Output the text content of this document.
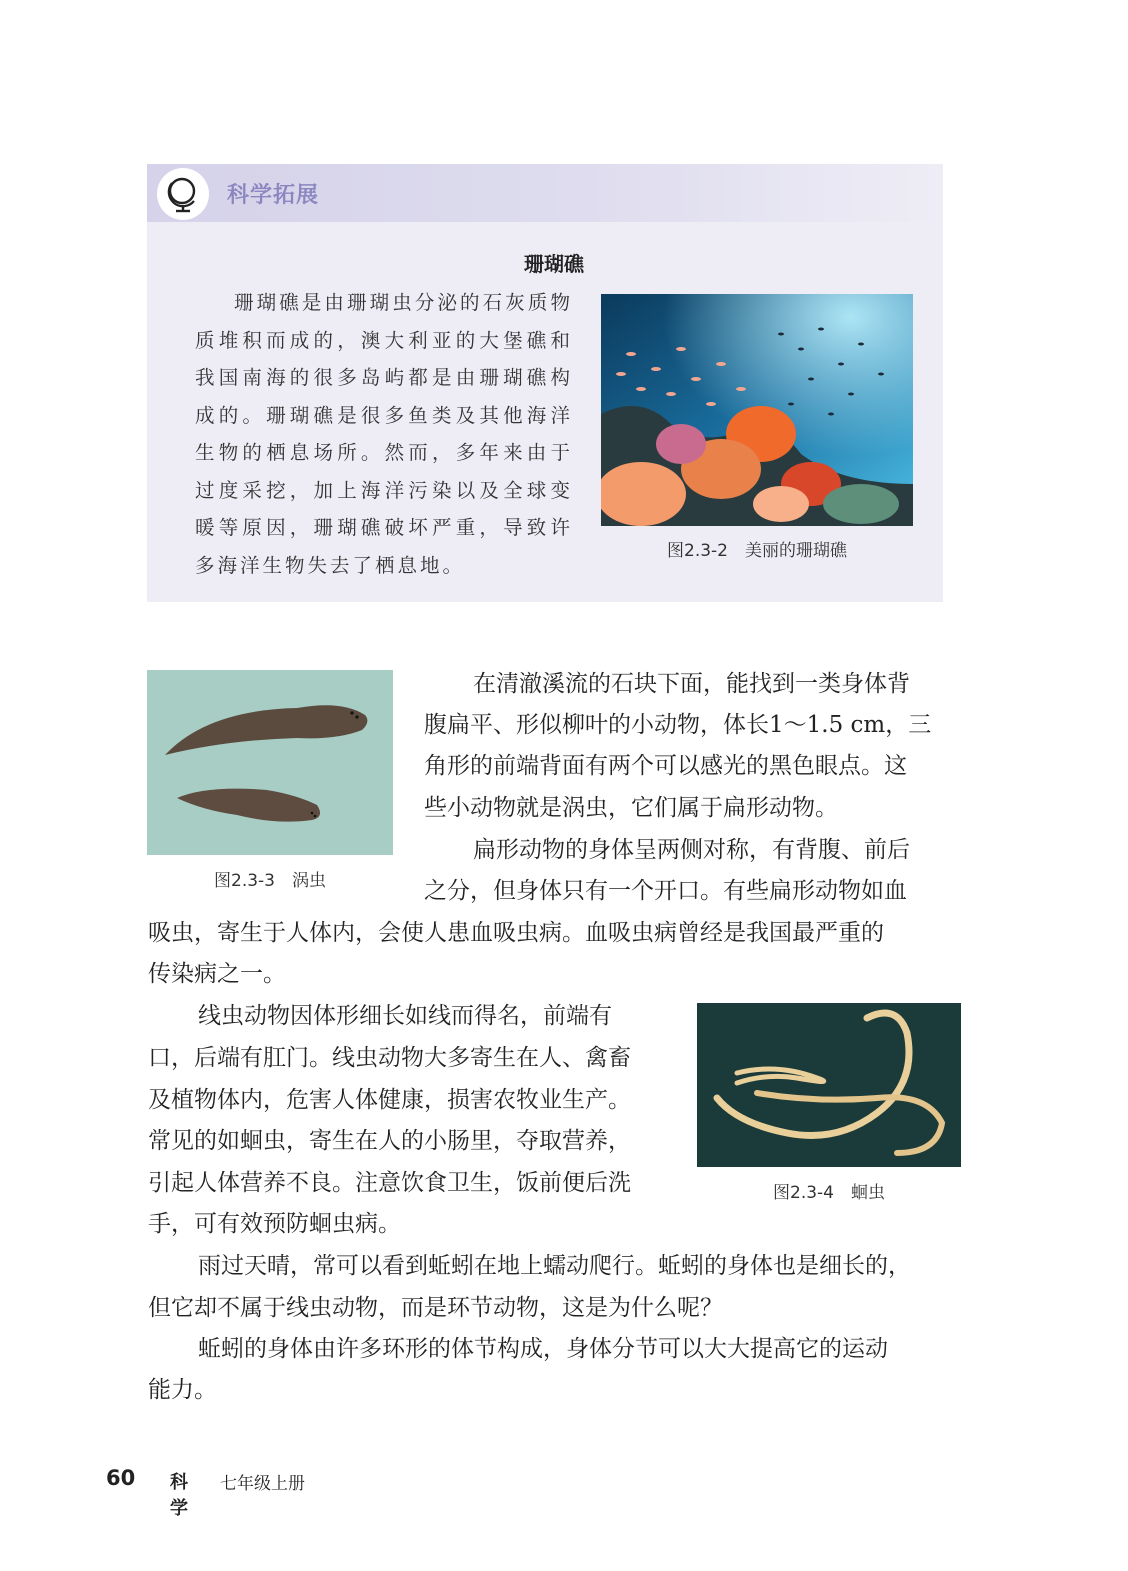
科学拓展
珊瑚礁

珊瑚礁是由珊瑚虫分泌的石灰质物质堆积而成的，澳大利亚的大堡礁和我国南海的很多岛屿都是由珊瑚礁构成的。珊瑚礁是很多鱼类及其他海洋生物的栖息场所。然而，多年来由于过度采挖，加上海洋污染以及全球变暖等原因，珊瑚礁破坏严重，导致许多海洋生物失去了栖息地。

图2.3-2　美丽的珊瑚礁
图2.3-3　涡虫
图2.3-4　蛔虫
在清澈溪流的石块下面，能找到一类身体背
腹扁平、形似柳叶的小动物，体长1～1.5 cm，三
角形的前端背面有两个可以感光的黑色眼点。这
些小动物就是涡虫，它们属于扁形动物。
扁形动物的身体呈两侧对称，有背腹、前后
之分，但身体只有一个开口。有些扁形动物如血
吸虫，寄生于人体内，会使人患血吸虫病。血吸虫病曾经是我国最严重的
传染病之一。
线虫动物因体形细长如线而得名，前端有
口，后端有肛门。线虫动物大多寄生在人、禽畜
及植物体内，危害人体健康，损害农牧业生产。
常见的如蛔虫，寄生在人的小肠里，夺取营养，
引起人体营养不良。注意饮食卫生，饭前便后洗
手，可有效预防蛔虫病。
雨过天晴，常可以看到蚯蚓在地上蠕动爬行。蚯蚓的身体也是细长的，
但它却不属于线虫动物，而是环节动物，这是为什么呢？
蚯蚓的身体由许多环形的体节构成，身体分节可以大大提高它的运动
能力。
60 科学
七年级上册
